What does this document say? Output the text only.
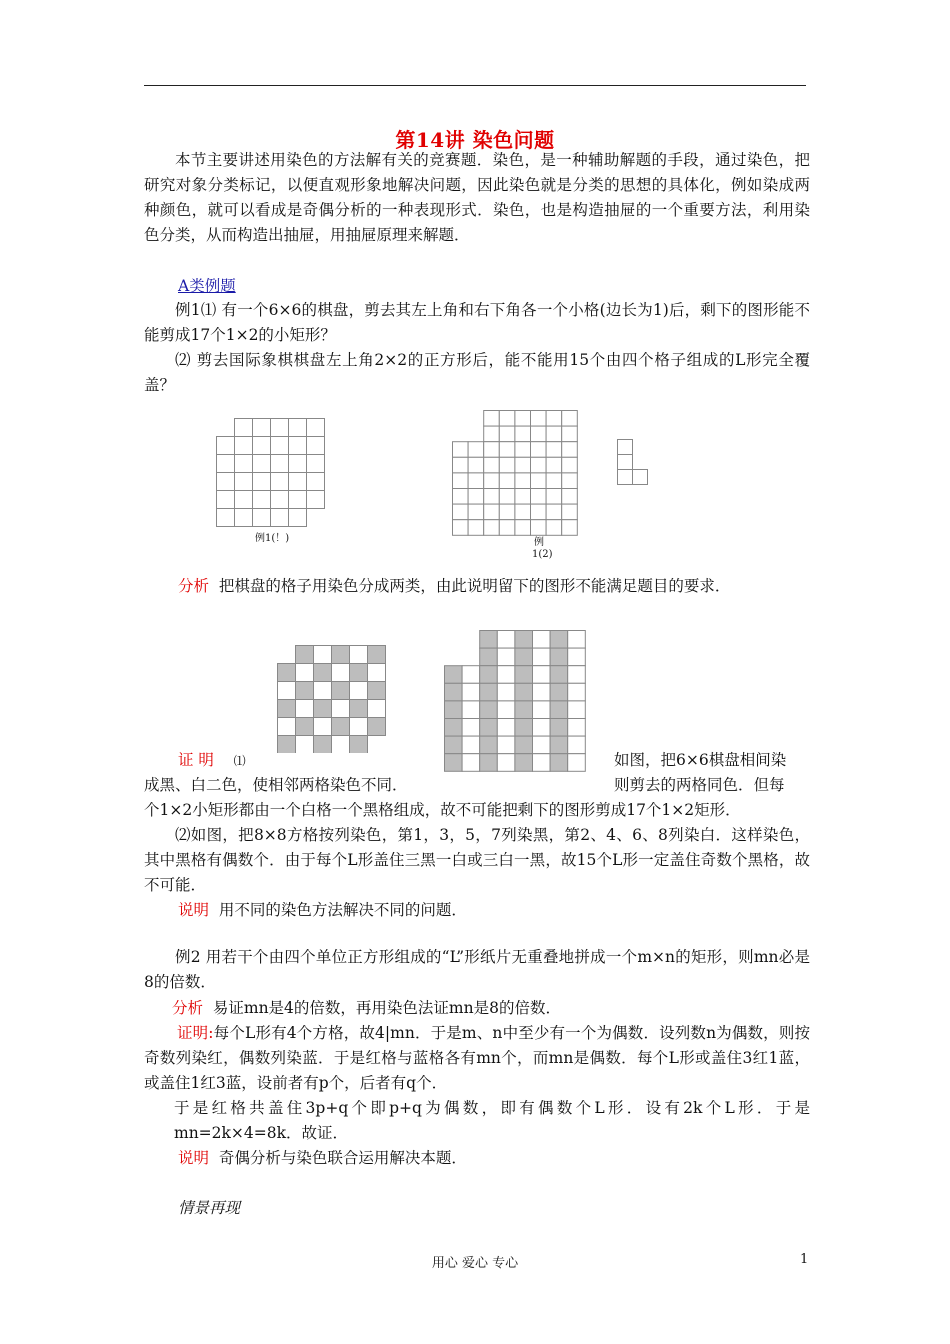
第14讲 染色问题
本节主要讲述用染色的方法解有关的竞赛题．染色，是一种辅助解题的手段，通过染色，把研究对象分类标记，以便直观形象地解决问题，因此染色就是分类的思想的具体化，例如染成两种颜色，就可以看成是奇偶分析的一种表现形式．染色，也是构造抽屉的一个重要方法，利用染色分类，从而构造出抽屉，用抽屉原理来解题．
A类例题
例1⑴ 有一个6×6的棋盘，剪去其左上角和右下角各一个小格(边长为1)后，剩下的图形能不能剪成17个1×2的小矩形？
⑵ 剪去国际象棋棋盘左上角2×2的正方形后，能不能用15个由四个格子组成的L形完全覆盖？
例1(！)	例
1(2)
分析 把棋盘的格子用染色分成两类，由此说明留下的图形不能满足题目的要求．
证 明 ⑴	如图，把6×6棋盘相间染
成黑、白二色，使相邻两格染色不同．	则剪去的两格同色．但每
个1×2小矩形都由一个白格一个黑格组成，故不可能把剩下的图形剪成17个1×2矩形．
⑵如图，把8×8方格按列染色，第1，3，5，7列染黑，第2、4、6、8列染白．这样染色，其中黑格有偶数个．由于每个L形盖住三黑一白或三白一黑，故15个L形一定盖住奇数个黑格，故不可能．
说明 用不同的染色方法解决不同的问题．
例2 用若干个由四个单位正方形组成的“L”形纸片无重叠地拼成一个m×n的矩形，则mn必是8的倍数．
分析 易证mn是4的倍数，再用染色法证mn是8的倍数．
证明:每个L形有4个方格，故4|mn．于是m、n中至少有一个为偶数．设列数n为偶数，则按奇数列染红，偶数列染蓝．于是红格与蓝格各有mn个，而mn是偶数．每个L形或盖住3红1蓝，或盖住1红3蓝，设前者有p个，后者有q个．
于是红格共盖住3p+q个即p+q为偶数，即有偶数个L形．设有2k个L形．于是mn=2k×4=8k．故证．
说明 奇偶分析与染色联合运用解决本题．
情景再现
用心 爱心 专心	1
